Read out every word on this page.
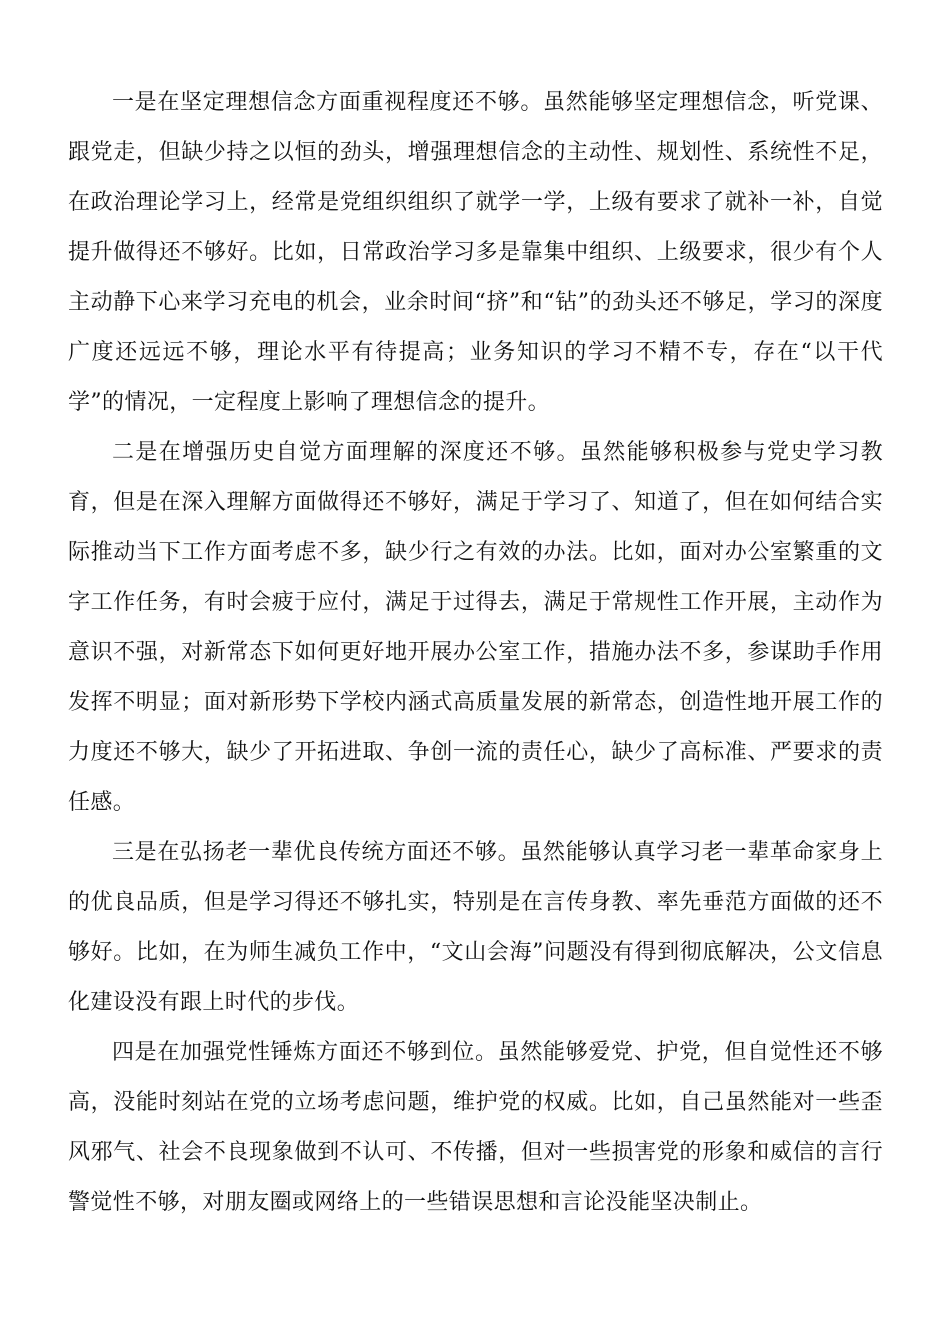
一是在坚定理想信念方面重视程度还不够。虽然能够坚定理想信念，听党课、跟党走，但缺少持之以恒的劲头，增强理想信念的主动性、规划性、系统性不足，在政治理论学习上，经常是党组织组织了就学一学，上级有要求了就补一补，自觉提升做得还不够好。比如，日常政治学习多是靠集中组织、上级要求，很少有个人主动静下心来学习充电的机会，业余时间“挤”和“钻”的劲头还不够足，学习的深度广度还远远不够，理论水平有待提高；业务知识的学习不精不专，存在“以干代学”的情况，一定程度上影响了理想信念的提升。

二是在增强历史自觉方面理解的深度还不够。虽然能够积极参与党史学习教育，但是在深入理解方面做得还不够好，满足于学习了、知道了，但在如何结合实际推动当下工作方面考虑不多，缺少行之有效的办法。比如，面对办公室繁重的文字工作任务，有时会疲于应付，满足于过得去，满足于常规性工作开展，主动作为意识不强，对新常态下如何更好地开展办公室工作，措施办法不多，参谋助手作用发挥不明显；面对新形势下学校内涵式高质量发展的新常态，创造性地开展工作的力度还不够大，缺少了开拓进取、争创一流的责任心，缺少了高标准、严要求的责任感。

三是在弘扬老一辈优良传统方面还不够。虽然能够认真学习老一辈革命家身上的优良品质，但是学习得还不够扎实，特别是在言传身教、率先垂范方面做的还不够好。比如，在为师生减负工作中，“文山会海”问题没有得到彻底解决，公文信息化建设没有跟上时代的步伐。

四是在加强党性锤炼方面还不够到位。虽然能够爱党、护党，但自觉性还不够高，没能时刻站在党的立场考虑问题，维护党的权威。比如，自己虽然能对一些歪风邪气、社会不良现象做到不认可、不传播，但对一些损害党的形象和威信的言行警觉性不够，对朋友圈或网络上的一些错误思想和言论没能坚决制止。
